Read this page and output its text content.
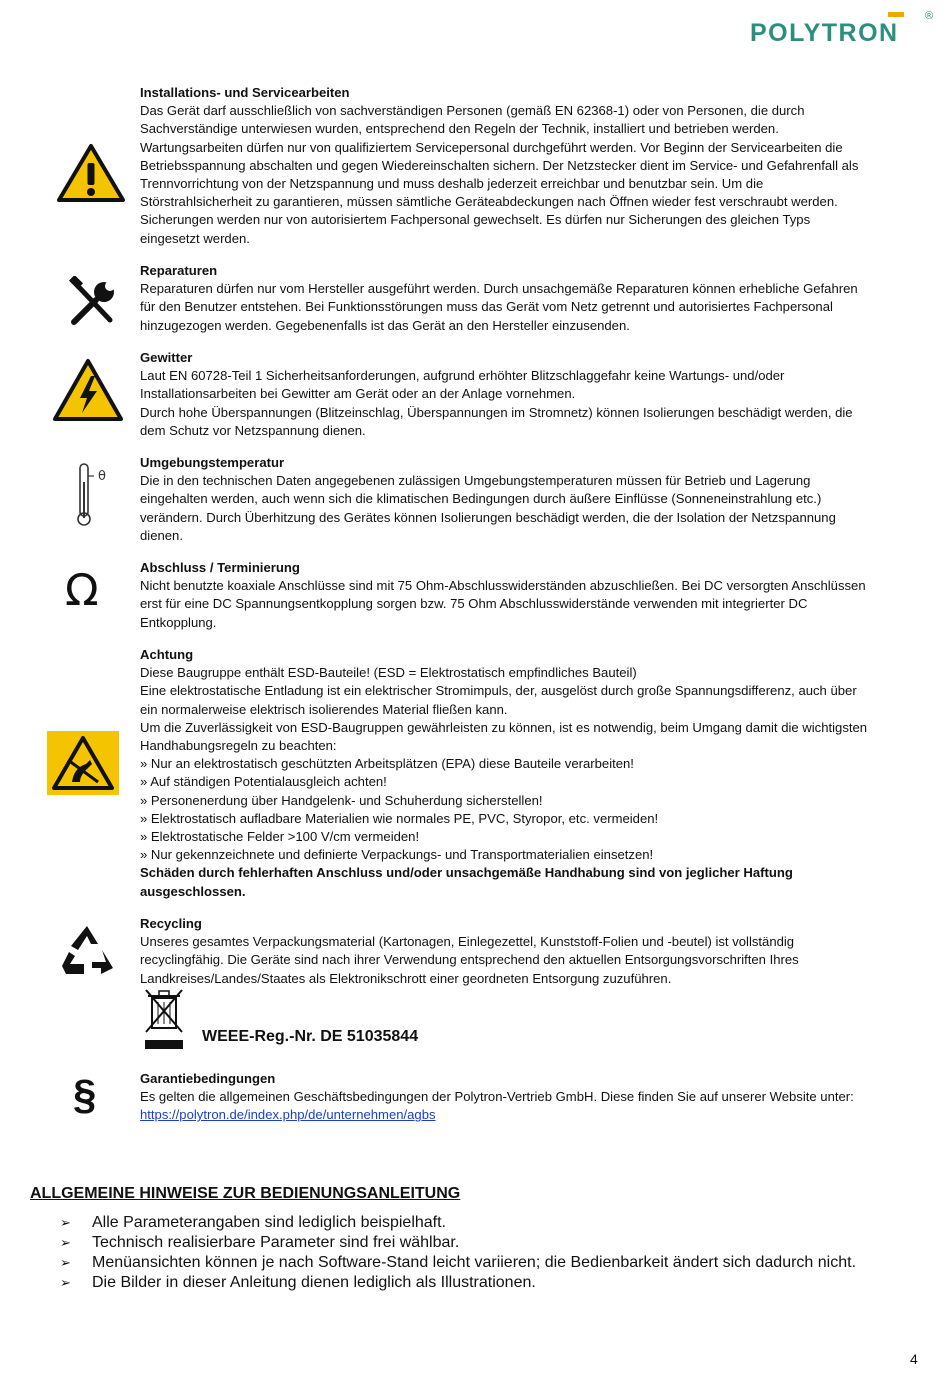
POLYTRON
®
θ
Ω
§

Installations- und Servicearbeiten

Das Gerät darf ausschließlich von sachverständigen Personen (gemäß EN 62368-1) oder von Personen, die durch

Sachverständige unterwiesen wurden, entsprechend den Regeln der Technik, installiert und betrieben werden.

Wartungsarbeiten dürfen nur von qualifiziertem Servicepersonal durchgeführt werden. Vor Beginn der Servicearbeiten die

Betriebsspannung abschalten und gegen Wiedereinschalten sichern. Der Netzstecker dient im Service- und Gefahrenfall als

Trennvorrichtung von der Netzspannung und muss deshalb jederzeit erreichbar und benutzbar sein. Um die

Störstrahlsicherheit zu garantieren, müssen sämtliche Geräteabdeckungen nach Öffnen wieder fest verschraubt werden.

Sicherungen werden nur von autorisiertem Fachpersonal gewechselt. Es dürfen nur Sicherungen des gleichen Typs

eingesetzt werden.

Reparaturen

Reparaturen dürfen nur vom Hersteller ausgeführt werden. Durch unsachgemäße Reparaturen können erhebliche Gefahren

für den Benutzer entstehen. Bei Funktionsstörungen muss das Gerät vom Netz getrennt und autorisiertes Fachpersonal

hinzugezogen werden. Gegebenenfalls ist das Gerät an den Hersteller einzusenden.

Gewitter

Laut EN 60728-Teil 1 Sicherheitsanforderungen, aufgrund erhöhter Blitzschlaggefahr keine Wartungs- und/oder

Installationsarbeiten bei Gewitter am Gerät oder an der Anlage vornehmen.

Durch hohe Überspannungen (Blitzeinschlag, Überspannungen im Stromnetz) können Isolierungen beschädigt werden, die

dem Schutz vor Netzspannung dienen.

Umgebungstemperatur

Die in den technischen Daten angegebenen zulässigen Umgebungstemperaturen müssen für Betrieb und Lagerung

eingehalten werden, auch wenn sich die klimatischen Bedingungen durch äußere Einflüsse (Sonneneinstrahlung etc.)

verändern. Durch Überhitzung des Gerätes können Isolierungen beschädigt werden, die der Isolation der Netzspannung

dienen.

Abschluss / Terminierung

Nicht benutzte koaxiale Anschlüsse sind mit 75 Ohm-Abschlusswiderständen abzuschließen. Bei DC versorgten Anschlüssen

erst für eine DC Spannungsentkopplung sorgen bzw. 75 Ohm Abschlusswiderstände verwenden mit integrierter DC

Entkopplung.

Achtung

Diese Baugruppe enthält ESD-Bauteile! (ESD = Elektrostatisch empfindliches Bauteil)

Eine elektrostatische Entladung ist ein elektrischer Stromimpuls, der, ausgelöst durch große Spannungsdifferenz, auch über

ein normalerweise elektrisch isolierendes Material fließen kann.

Um die Zuverlässigkeit von ESD-Baugruppen gewährleisten zu können, ist es notwendig, beim Umgang damit die wichtigsten

Handhabungsregeln zu beachten:

» Nur an elektrostatisch geschützten Arbeitsplätzen (EPA) diese Bauteile verarbeiten!

» Auf ständigen Potentialausgleich achten!

» Personenerdung über Handgelenk- und Schuherdung sicherstellen!

» Elektrostatisch aufladbare Materialien wie normales PE, PVC, Styropor, etc. vermeiden!

» Elektrostatische Felder >100 V/cm vermeiden!

» Nur gekennzeichnete und definierte Verpackungs- und Transportmaterialien einsetzen!

Schäden durch fehlerhaften Anschluss und/oder unsachgemäße Handhabung sind von jeglicher Haftung

ausgeschlossen.

Recycling

Unseres gesamtes Verpackungsmaterial (Kartonagen, Einlegezettel, Kunststoff-Folien und -beutel) ist vollständig

recyclingfähig. Die Geräte sind nach ihrer Verwendung entsprechend den aktuellen Entsorgungsvorschriften Ihres

Landkreises/Landes/Staates als Elektronikschrott einer geordneten Entsorgung zuzuführen.

WEEE-Reg.-Nr. DE 51035844

Garantiebedingungen

Es gelten die allgemeinen Geschäftsbedingungen der Polytron-Vertrieb GmbH. Diese finden Sie auf unserer Website unter:

https://polytron.de/index.php/de/unternehmen/agbs

ALLGEMEINE HINWEISE ZUR BEDIENUNGSANLEITUNG
➢	Alle Parameterangaben sind lediglich beispielhaft.
➢	Technisch realisierbare Parameter sind frei wählbar.
➢	Menüansichten können je nach Software-Stand leicht variieren; die Bedienbarkeit ändert sich dadurch nicht.
➢	Die Bilder in dieser Anleitung dienen lediglich als Illustrationen.
4
